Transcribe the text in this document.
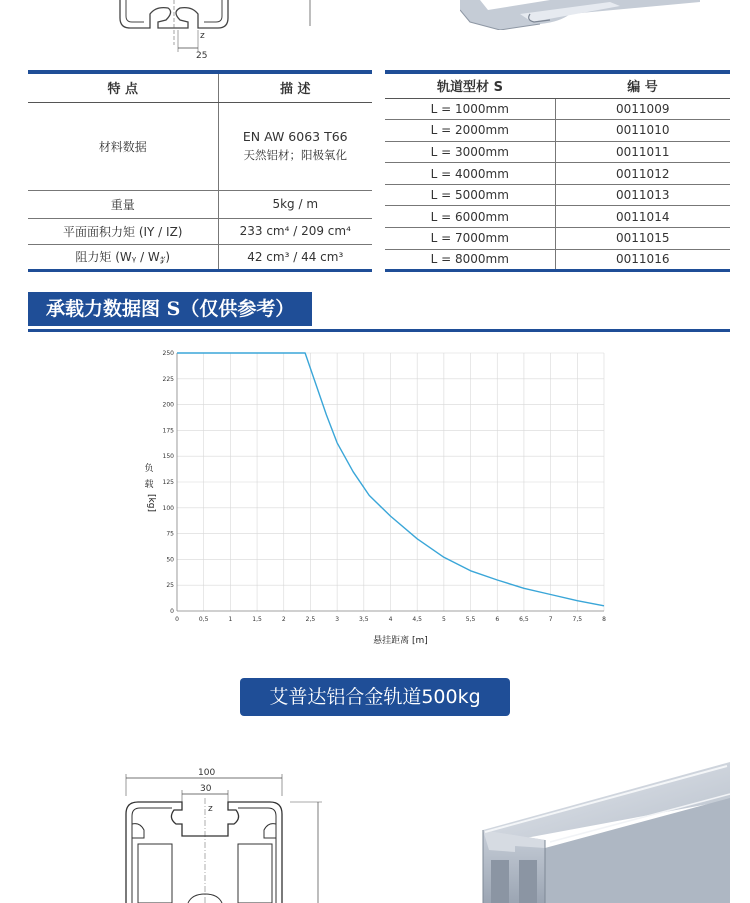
z
25
特 点	描 述
材料数据	EN AW 6063 T66
天然铝材；阳极氧化

重量	5kg / m
平面面积力矩 (IY / IZ)	233 cm⁴ / 209 cm⁴
阻力矩 (Wᵧ / W𝓏)	42 cm³ / 44 cm³
轨道型材 S	编 号
L = 1000mm	0011009
L = 2000mm	0011010
L = 3000mm	0011011
L = 4000mm	0011012
L = 5000mm	0011013
L = 6000mm	0011014
L = 7000mm	0011015
L = 8000mm	0011016
承载力数据图 S（仅供参考）
0	0,5	1	1,5	2	2,5	3	3,5	4	4,5	5	5,5	6	6,5	7	7,5	8
0
25
50
75
100
125
150
175
200
225
250
悬挂距离 [m]
负
载
[kg]
艾普达铝合金轨道500kg
100
30
z
